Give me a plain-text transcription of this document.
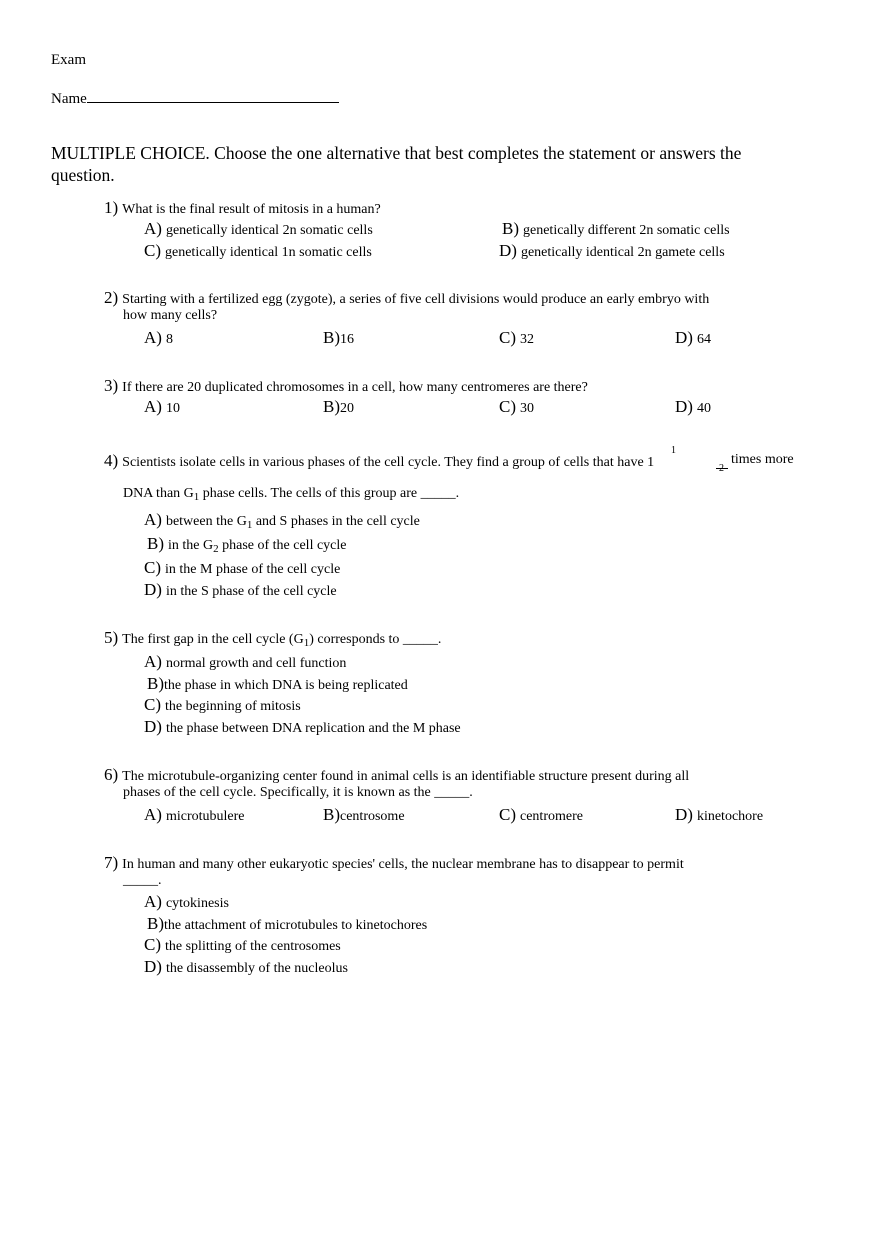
Exam
Name
MULTIPLE CHOICE. Choose the one alternative that best completes the statement or answers the question.
1) What is the final result of mitosis in a human?
A) genetically identical 2n somatic cells	B) genetically different 2n somatic cells
C) genetically identical 1n somatic cells	D) genetically identical 2n gamete cells
2) Starting with a fertilized egg (zygote), a series of five cell divisions would produce an early embryo with
how many cells?
A) 8	B)16	C) 32	D) 64
3) If there are 20 duplicated chromosomes in a cell, how many centromeres are there?
A) 10	B)20	C) 30	D) 40
4) Scientists isolate cells in various phases of the cell cycle. They find a group of cells that have 1
1
2
times more
DNA than $G_1$ phase cells. The cells of this group are _____.
A) between the $G_1$ and S phases in the cell cycle
B) in the $G_2$ phase of the cell cycle
C) in the M phase of the cell cycle
D) in the S phase of the cell cycle
5) The first gap in the cell cycle $(G_1)$ corresponds to _____.
A) normal growth and cell function
B)the phase in which DNA is being replicated
C) the beginning of mitosis
D) the phase between DNA replication and the M phase
6) The microtubule-organizing center found in animal cells is an identifiable structure present during all
phases of the cell cycle. Specifically, it is known as the _____.
A) microtubulere	B)centrosome	C) centromere	D) kinetochore
7) In human and many other eukaryotic species' cells, the nuclear membrane has to disappear to permit
_____.
A) cytokinesis
B)the attachment of microtubules to kinetochores
C) the splitting of the centrosomes
D) the disassembly of the nucleolus
